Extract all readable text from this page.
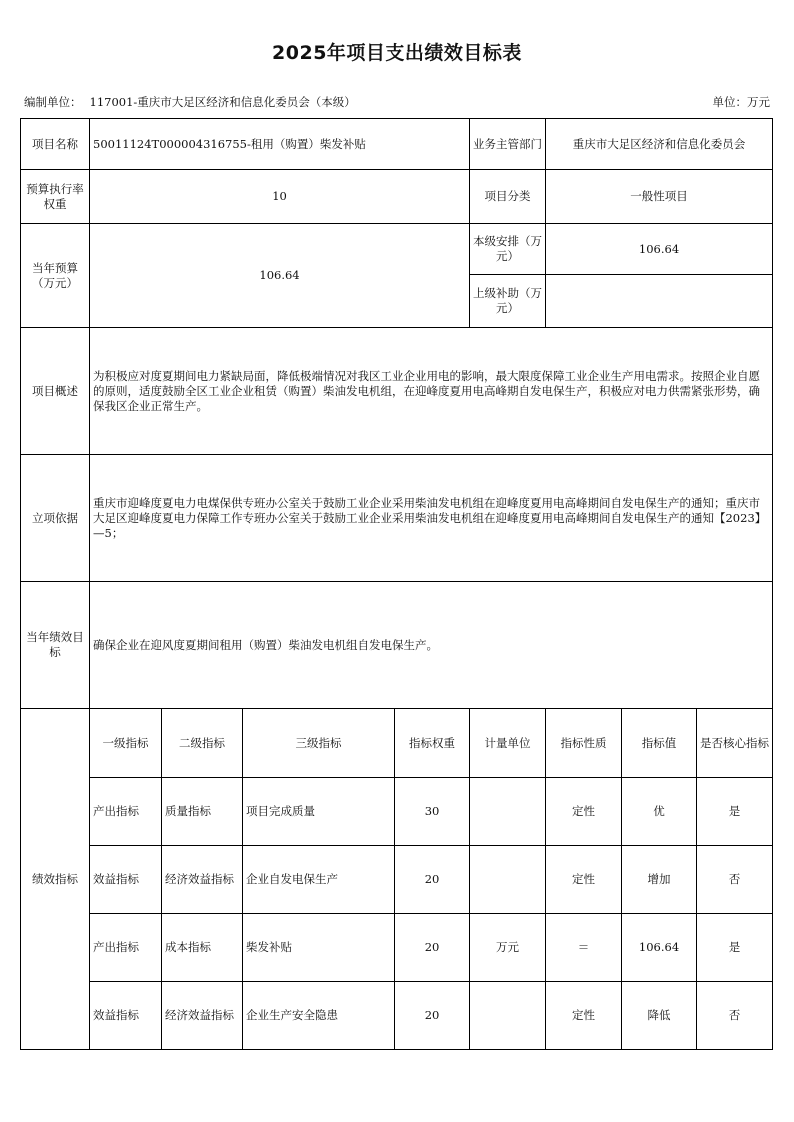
2025年项目支出绩效目标表
编制单位： 117001-重庆市大足区经济和信息化委员会（本级）	单位：万元
项目名称	50011124T000004316755-租用（购置）柴发补贴				业务主管部门	重庆市大足区经济和信息化委员会		
预算执行率权重	10				项目分类	一般性项目		
当年预算（万元）	106.64				本级安排（万元）	106.64		
					上级补助（万元）			
项目概述	为积极应对度夏期间电力紧缺局面，降低极端情况对我区工业企业用电的影响，最大限度保障工业企业生产用电需求。按照企业自愿的原则，适度鼓励全区工业企业租赁（购置）柴油发电机组，在迎峰度夏用电高峰期自发电保生产，积极应对电力供需紧张形势，确保我区企业正常生产。							
立项依据	重庆市迎峰度夏电力电煤保供专班办公室关于鼓励工业企业采用柴油发电机组在迎峰度夏用电高峰期间自发电保生产的通知；重庆市大足区迎峰度夏电力保障工作专班办公室关于鼓励工业企业采用柴油发电机组在迎峰度夏用电高峰期间自发电保生产的通知【2023】—5；							
当年绩效目标	确保企业在迎风度夏期间租用（购置）柴油发电机组自发电保生产。							
绩效指标	一级指标	二级指标	三级指标	指标权重	计量单位	指标性质	指标值	是否核心指标
	产出指标	质量指标	项目完成质量	30		定性	优	是
	效益指标	经济效益指标	企业自发电保生产	20		定性	增加	否
	产出指标	成本指标	柴发补贴	20	万元	＝	106.64	是
	效益指标	经济效益指标	企业生产安全隐患	20		定性	降低	否
